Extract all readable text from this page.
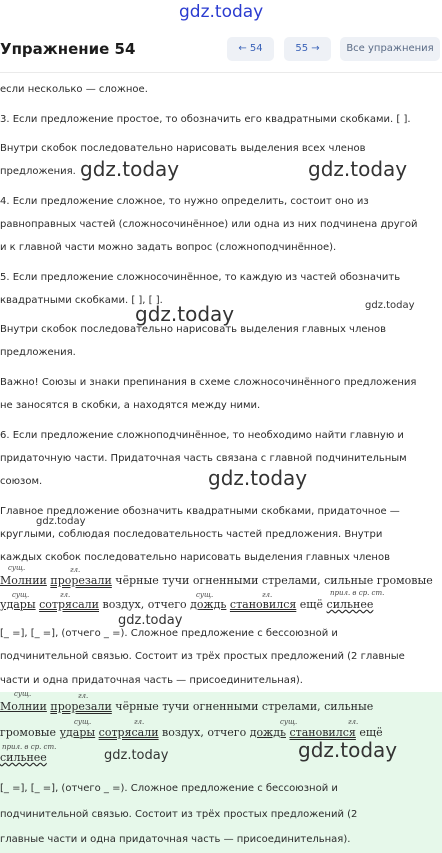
gdz.today
Упражнение 54	← 54	55 →	Все упражнения
если несколько — сложное.
3. Если предложение простое, то обозначить его квадратными скобками. [ ].
Внутри скобок последовательно нарисовать выделения всех членов
предложения.
4. Если предложение сложное, то нужно определить, состоит оно из
равноправных частей (сложносочинённое) или одна из них подчинена другой
и к главной части можно задать вопрос (сложноподчинённое).
5. Если предложение сложносочинённое, то каждую из частей обозначить
квадратными скобками. [ ], [ ].
Внутри скобок последовательно нарисовать выделения главных членов
предложения.
Важно! Союзы и знаки препинания в схеме сложносочинённого предложения
не заносятся в скобки, а находятся между ними.
6. Если предложение сложноподчинённое, то необходимо найти главную и
придаточную части. Придаточная часть связана с главной подчинительным
союзом.
Главное предложение обозначить квадратными скобками, придаточное —
круглыми, соблюдая последовательность частей предложения. Внутри
каждых скобок последовательно нарисовать выделения главных членов
сущ.	гл.
Молнии прорезали чёрные тучи огненными стрелами, сильные громовые
сущ.	гл.	сущ.	гл.	прил. в ср. ст.
удары сотрясали воздух, отчего дождь становился ещё сильнее
[_ =], [_ =], (отчего _ =). Сложное предложение с бессоюзной и
подчинительной связью. Состоит из трёх простых предложений (2 главные
части и одна придаточная часть — присоединительная).
сущ.	гл.
Молнии прорезали чёрные тучи огненными стрелами, сильные
сущ.	гл.	сущ.	гл.
громовые удары сотрясали воздух, отчего дождь становился ещё
прил. в ср. ст.
сильнее
[_ =], [_ =], (отчего _ =). Сложное предложение с бессоюзной и
подчинительной связью. Состоит из трёх простых предложений (2
главные части и одна придаточная часть — присоединительная).
gdz.today	gdz.today
gdz.today	gdz.today
gdz.today
gdz.today
gdz.today
gdz.today
gdz.today
